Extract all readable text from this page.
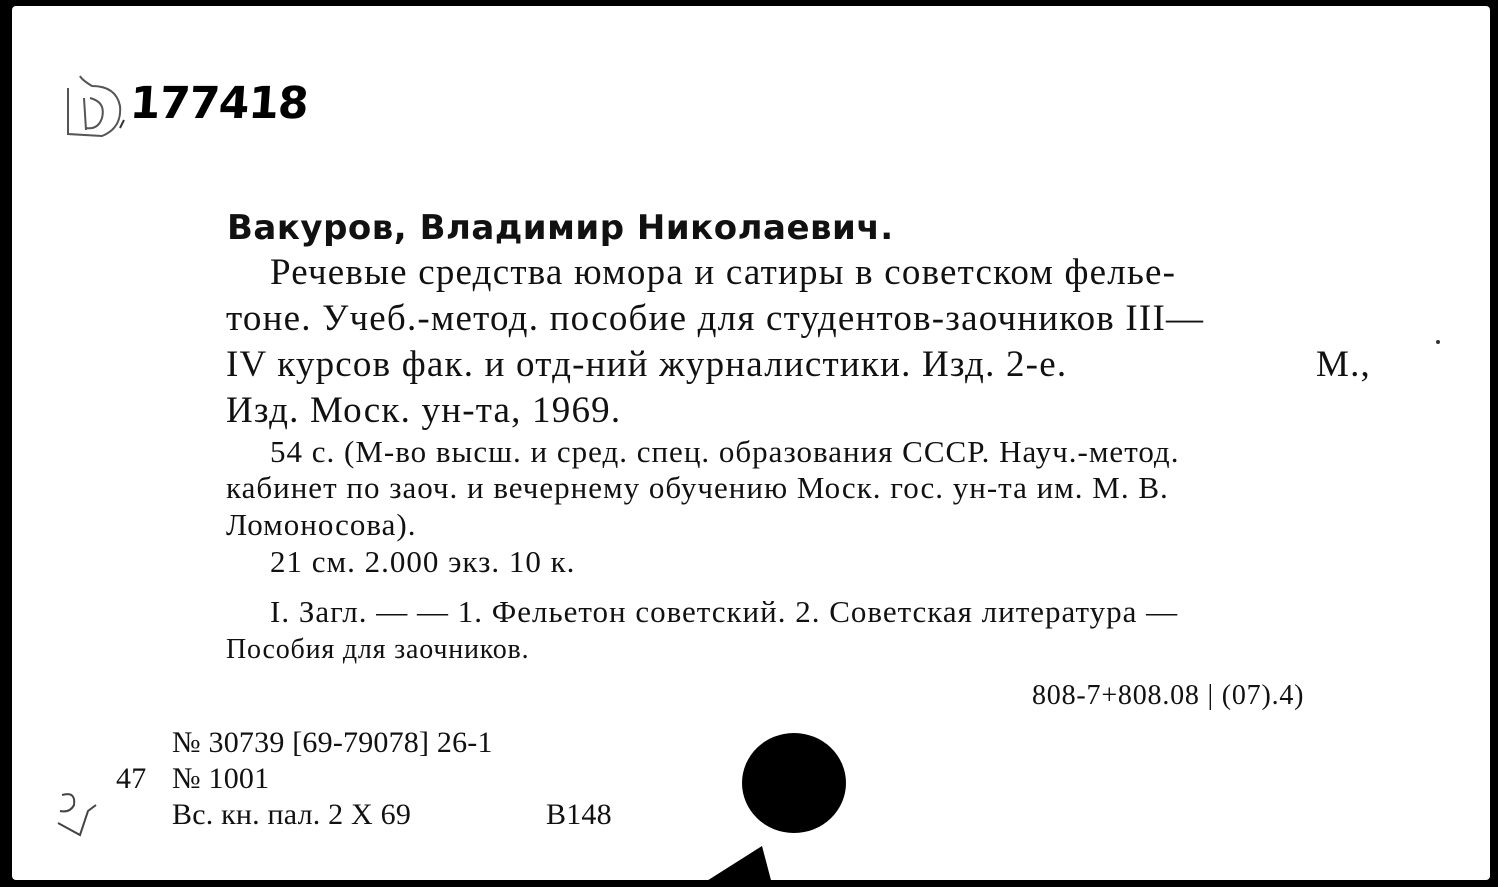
177418
Вакуров, Владимир Николаевич.
Речевые средства юмора и сатиры в советском фелье-
тоне. Учеб.-метод. пособие для студентов-заочников III—
IV курсов фак. и отд-ний журналистики. Изд. 2-е.	М.,
Изд. Моск. ун-та, 1969.
54 с. (М-во высш. и сред. спец. образования СССР. Науч.-метод.
кабинет по заоч. и вечернему обучению Моск. гос. ун-та им. М. В.
Ломоносова).
21 см. 2.000 экз. 10 к.
I. Загл. — — 1. Фельетон советский. 2. Советская литература —
Пособия для заочников.
808-7+808.08 | (07).4)
№ 30739 [69-79078] 26-1
47 № 1001
Вс. кн. пал. 2 X 69	B148
